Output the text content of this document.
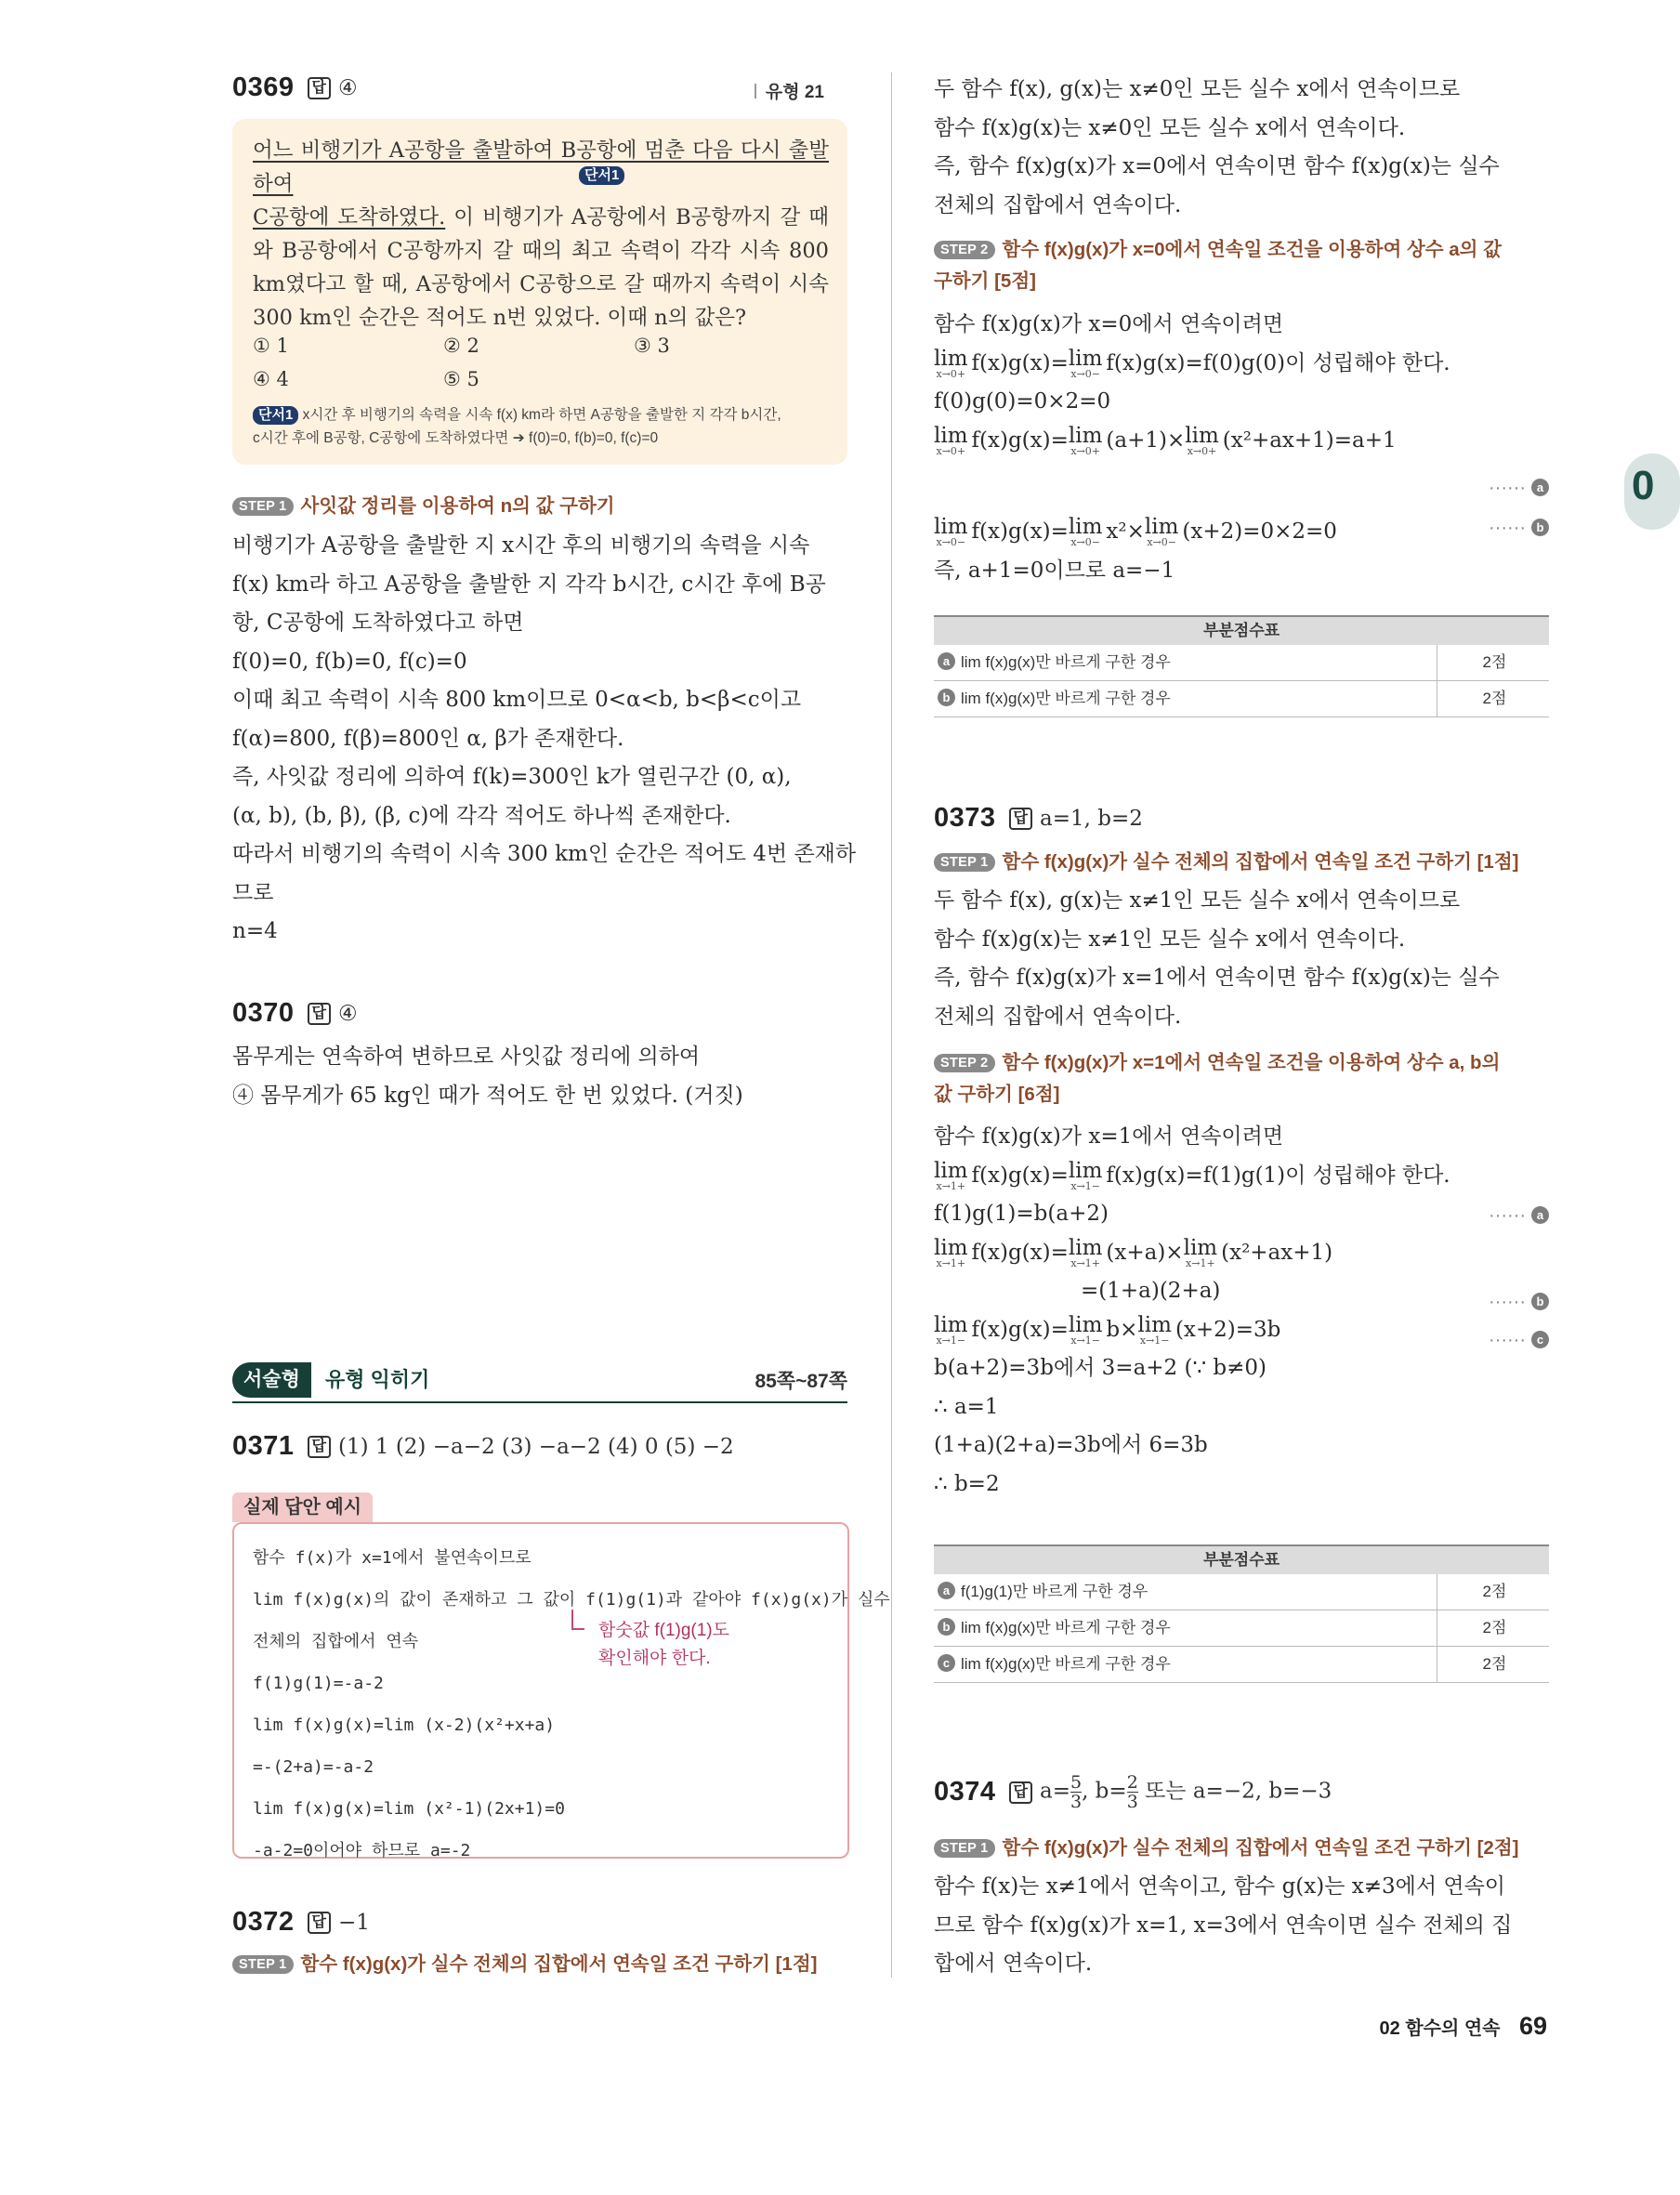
0369	답 ④	유형 21
단서1
어느 비행기가 A공항을 출발하여 B공항에 멈춘 다음 다시 출발하여
C공항에 도착하였다. 이 비행기가 A공항에서 B공항까지 갈 때와 B공항에서 C공항까지 갈 때의 최고 속력이 각각 시속 800 km였다고 할 때, A공항에서 C공항으로 갈 때까지 속력이 시속 300 km인 순간은 적어도 n번 있었다. 이때 n의 값은?
① 1	② 2	③ 3
④ 4	⑤ 5
단서1 x시간 후 비행기의 속력을 시속 f(x) km라 하면 A공항을 출발한 지 각각 b시간,
c시간 후에 B공항, C공항에 도착하였다면 ➔ f(0)=0, f(b)=0, f(c)=0
STEP 1 사잇값 정리를 이용하여 n의 값 구하기
비행기가 A공항을 출발한 지 x시간 후의 비행기의 속력을 시속
f(x) km라 하고 A공항을 출발한 지 각각 b시간, c시간 후에 B공
항, C공항에 도착하였다고 하면
f(0)=0, f(b)=0, f(c)=0
이때 최고 속력이 시속 800 km이므로 0<α<b, b<β<c이고
f(α)=800, f(β)=800인 α, β가 존재한다.
즉, 사잇값 정리에 의하여 f(k)=300인 k가 열린구간 (0, α),
(α, b), (b, β), (β, c)에 각각 적어도 하나씩 존재한다.
따라서 비행기의 속력이 시속 300 km인 순간은 적어도 4번 존재하
므로
n=4
0370	답 ④
몸무게는 연속하여 변하므로 사잇값 정리에 의하여
④ 몸무게가 65 kg인 때가 적어도 한 번 있었다. (거짓)
서술형	유형 익히기	85쪽~87쪽
0371	답 (1) 1 (2) −a−2 (3) −a−2 (4) 0 (5) −2
실제 답안 예시
함수 f(x)가 x=1에서 불연속이므로
lim f(x)g(x)의 값이 존재하고 그 값이 f(1)g(1)과 같아야 f(x)g(x)가 실수
전체의 집합에서 연속
f(1)g(1)=-a-2
lim f(x)g(x)=lim (x-2)(x²+x+a)
=-(2+a)=-a-2
lim f(x)g(x)=lim (x²-1)(2x+1)=0
-a-2=0이어야 하므로 a=-2
함숫값 f(1)g(1)도
확인해야 한다.
0372	답 −1
STEP 1 함수 f(x)g(x)가 실수 전체의 집합에서 연속일 조건 구하기 [1점]
두 함수 f(x), g(x)는 x≠0인 모든 실수 x에서 연속이므로
함수 f(x)g(x)는 x≠0인 모든 실수 x에서 연속이다.
즉, 함수 f(x)g(x)가 x=0에서 연속이면 함수 f(x)g(x)는 실수
전체의 집합에서 연속이다.
STEP 2 함수 f(x)g(x)가 x=0에서 연속일 조건을 이용하여 상수 a의 값
구하기 [5점]
함수 f(x)g(x)가 x=0에서 연속이려면
lim
x→0+ f(x)g(x)= lim
x→0− f(x)g(x)=f(0)g(0)이 성립해야 한다.
f(0)g(0)=0×2=0
lim
x→0+ f(x)g(x)= lim
x→0+ (a+1)× lim
x→0+ (x²+ax+1)=a+1
······ a
lim
x→0− f(x)g(x)= lim
x→0− x²× lim
x→0− (x+2)=0×2=0
즉, a+1=0이므로 a=−1
······ b
부분점수표	
a lim f(x)g(x)만 바르게 구한 경우	2점
b lim f(x)g(x)만 바르게 구한 경우	2점
0373	답 a=1, b=2
STEP 1 함수 f(x)g(x)가 실수 전체의 집합에서 연속일 조건 구하기 [1점]
두 함수 f(x), g(x)는 x≠1인 모든 실수 x에서 연속이므로
함수 f(x)g(x)는 x≠1인 모든 실수 x에서 연속이다.
즉, 함수 f(x)g(x)가 x=1에서 연속이면 함수 f(x)g(x)는 실수
전체의 집합에서 연속이다.
STEP 2 함수 f(x)g(x)가 x=1에서 연속일 조건을 이용하여 상수 a, b의
값 구하기 [6점]
함수 f(x)g(x)가 x=1에서 연속이려면
lim
x→1+ f(x)g(x)= lim
x→1− f(x)g(x)=f(1)g(1)이 성립해야 한다.
f(1)g(1)=b(a+2)
lim
x→1+ f(x)g(x)= lim
x→1+ (x+a)× lim
x→1+ (x²+ax+1)
=(1+a)(2+a)
lim
x→1− f(x)g(x)= lim
x→1− b× lim
x→1− (x+2)=3b
b(a+2)=3b에서 3=a+2 (∵ b≠0)
∴ a=1
(1+a)(2+a)=3b에서 6=3b
∴ b=2
······ a
······ b
······ c
부분점수표	
a f(1)g(1)만 바르게 구한 경우	2점
b lim f(x)g(x)만 바르게 구한 경우	2점
c lim f(x)g(x)만 바르게 구한 경우	2점
0374	답 $a= \frac{5}{3}$ , $b= \frac{2}{3}$ 또는 a=−2, b=−3
STEP 1 함수 f(x)g(x)가 실수 전체의 집합에서 연속일 조건 구하기 [2점]
함수 f(x)는 x≠1에서 연속이고, 함수 g(x)는 x≠3에서 연속이
므로 함수 f(x)g(x)가 x=1, x=3에서 연속이면 실수 전체의 집
합에서 연속이다.
0
02 함수의 연속 69
